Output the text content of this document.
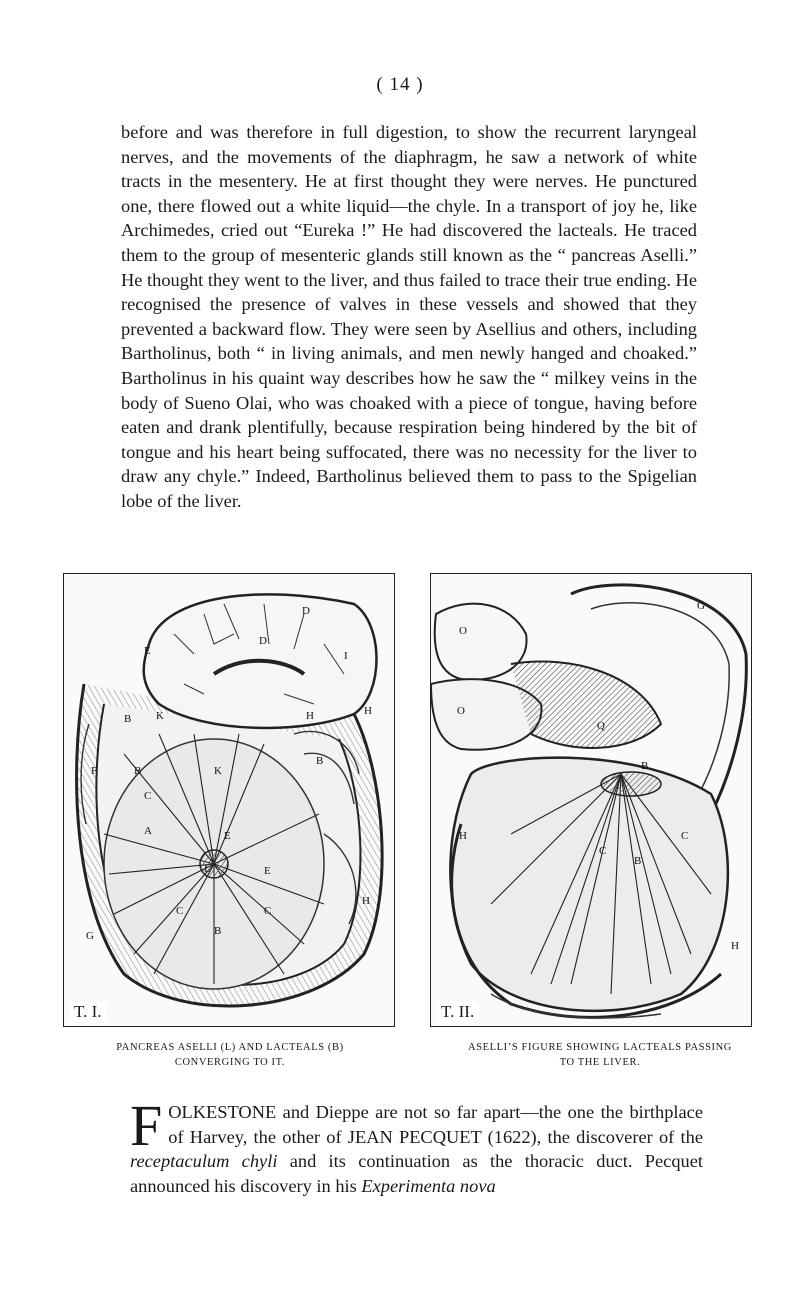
( 14 )

before and was therefore in full digestion, to show the recurrent laryngeal nerves, and the movements of the diaphragm, he saw a network of white tracts in the mesentery. He at first thought they were nerves. He punctured one, there flowed out a white liquid—the chyle. In a transport of joy he, like Archimedes, cried out “Eureka !” He had discovered the lacteals. He traced them to the group of mesenteric glands still known as the “ pancreas Aselli.” He thought they went to the liver, and thus failed to trace their true ending. He recognised the presence of valves in these vessels and showed that they prevented a backward flow. They were seen by Asellius and others, including Bartholinus, both “ in living animals, and men newly hanged and choaked.” Bartholinus in his quaint way describes how he saw the “ milkey veins in the body of Sueno Olai, who was choaked with a piece of tongue, having before eaten and drank plentifully, because respiration being hindered by the bit of tongue and his heart being suffocated, there was no necessity for the liver to draw any chyle.” Indeed, Bartholinus believed them to pass to the Spigelian lobe of the liver.

D
D
I
E
B K
B
C
K
H	H
B
E
L	E
C
B
C
H
F
A
G
T. I.
O
O
Q
G
B
C
B
C
H
H
T. II.
PANCREAS ASELLI (L) AND LACTEALS (B)
CONVERGING TO IT.
ASELLI’S FIGURE SHOWING LACTEALS PASSING
TO THE LIVER.

FOLKESTONE and Dieppe are not so far apart—the one the birthplace of Harvey, the other of JEAN PECQUET (1622), the discoverer of the receptaculum chyli and its continuation as the thoracic duct. Pecquet announced his discovery in his Experimenta nova
